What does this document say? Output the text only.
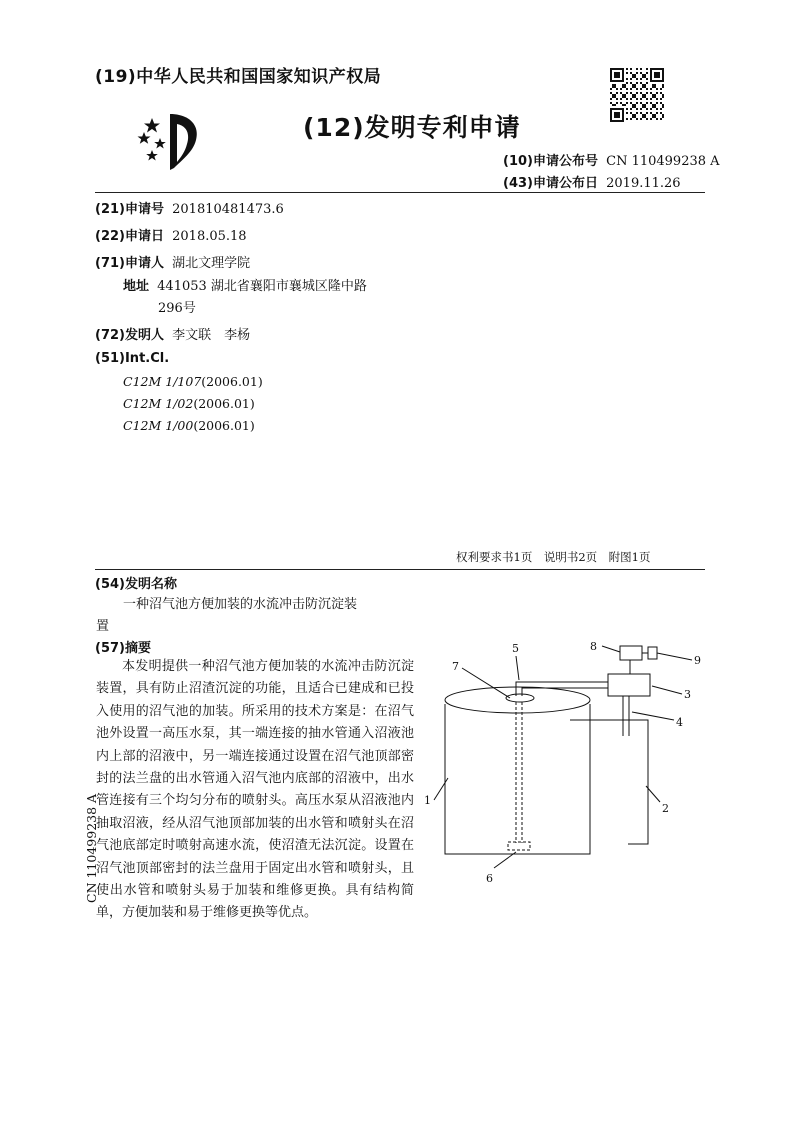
(19)中华人民共和国国家知识产权局
(12)发明专利申请
(10)申请公布号 CN 110499238 A
(43)申请公布日 2019.11.26
(21)申请号 201810481473.6
(22)申请日 2018.05.18
(71)申请人 湖北文理学院
地址 441053 湖北省襄阳市襄城区隆中路
296号
(72)发明人 李文联　李杨
(51)Int.Cl.
C12M 1/107(2006.01)
C12M 1/02(2006.01)
C12M 1/00(2006.01)
权利要求书1页　说明书2页　附图1页
(54)发明名称
一种沼气池方便加装的水流冲击防沉淀装
置
(57)摘要

本发明提供一种沼气池方便加装的水流冲击防沉淀装置，具有防止沼渣沉淀的功能，且适合已建成和已投入使用的沼气池的加装。所采用的技术方案是：在沼气池外设置一高压水泵，其一端连接的抽水管通入沼液池内上部的沼液中，另一端连接通过设置在沼气池顶部密封的法兰盘的出水管通入沼气池内底部的沼液中，出水管连接有三个均匀分布的喷射头。高压水泵从沼液池内抽取沼液，经从沼气池顶部加装的出水管和喷射头在沼气池底部定时喷射高速水流，使沼渣无法沉淀。设置在沼气池顶部密封的法兰盘用于固定出水管和喷射头，且使出水管和喷射头易于加装和维修更换。具有结构简单，方便加装和易于维修更换等优点。

CN 110499238 A	1
2
3
4
5
6
7
8
9
